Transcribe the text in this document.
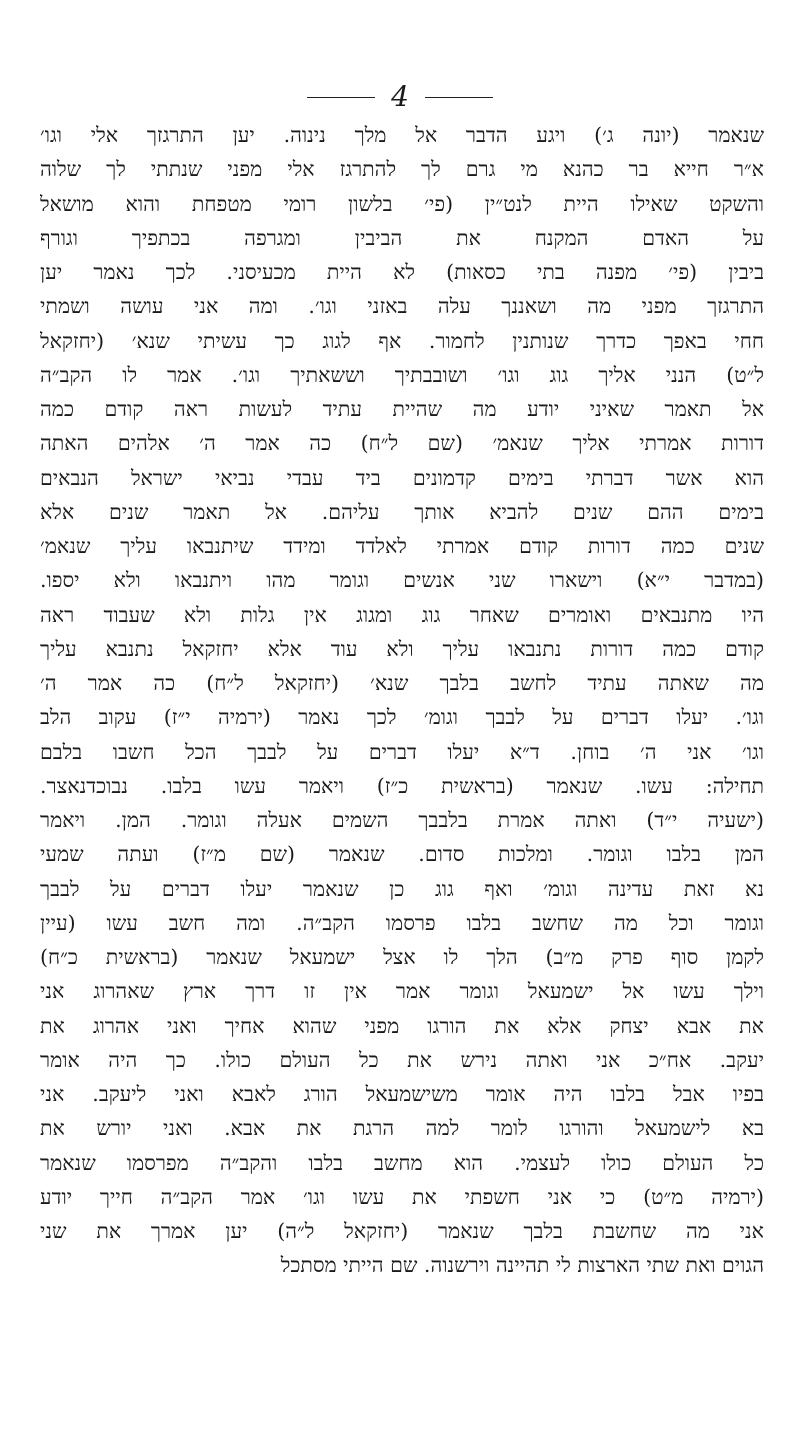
4
שנאמר (יונה ג׳) ויגע הדבר אל מלך נינוה. יען התרגזך אלי וגו׳
א״ר חייא בר כהנא מי גרם לך להתרגז אלי מפני שנתתי לך שלוה
והשקט שאילו היית לנט״ין (פי׳ בלשון רומי מטפחת והוא מושאל
על האדם המקנח את הביבין ומגרפה בכתפיך וגורף
ביבין (פי׳ מפנה בתי כסאות) לא היית מכעיסני. לכך נאמר יען
התרגזך מפני מה ושאננך עלה באזני וגו׳. ומה אני עושה ושמתי
חחי באפך כדרך שנותנין לחמור. אף לגוג כך עשיתי שנא׳ (יחזקאל
ל״ט) הנני אליך גוג וגו׳ ושובבתיך וששאתיך וגו׳. אמר לו הקב״ה
אל תאמר שאיני יודע מה שהיית עתיד לעשות ראה קודם כמה
דורות אמרתי אליך שנאמ׳ (שם ל״ח) כה אמר ה׳ אלהים האתה
הוא אשר דברתי בימים קדמונים ביד עבדי נביאי ישראל הנבאים
בימים ההם שנים להביא אותך עליהם. אל תאמר שנים אלא
שנים כמה דורות קודם אמרתי לאלדד ומידד שיתנבאו עליך שנאמ׳
(במדבר י״א) וישארו שני אנשים וגומר מהו ויתנבאו ולא יספו.
היו מתנבאים ואומרים שאחר גוג ומגוג אין גלות ולא שעבוד ראה
קודם כמה דורות נתנבאו עליך ולא עוד אלא יחזקאל נתנבא עליך
מה שאתה עתיד לחשב בלבך שנא׳ (יחזקאל ל״ח) כה אמר ה׳
וגו׳. יעלו דברים על לבבך וגומ׳ לכך נאמר (ירמיה י״ז) עקוב הלב
וגו׳ אני ה׳ בוחן. ד״א יעלו דברים על לבבך הכל חשבו בלבם
תחילה: עשו. שנאמר (בראשית כ״ז) ויאמר עשו בלבו. נבוכדנאצר.
(ישעיה י״ד) ואתה אמרת בלבבך השמים אעלה וגומר. המן. ויאמר
המן בלבו וגומר. ומלכות סדום. שנאמר (שם מ״ז) ועתה שמעי
נא זאת עדינה וגומ׳ ואף גוג כן שנאמר יעלו דברים על לבבך
וגומר וכל מה שחשב בלבו פרסמו הקב״ה. ומה חשב עשו (עיין
לקמן סוף פרק מ״ב) הלך לו אצל ישמעאל שנאמר (בראשית כ״ח)
וילך עשו אל ישמעאל וגומר אמר אין זו דרך ארץ שאהרוג אני
את אבא יצחק אלא את הורגו מפני שהוא אחיך ואני אהרוג את
יעקב. אח״כ אני ואתה נירש את כל העולם כולו. כך היה אומר
בפיו אבל בלבו היה אומר משישמעאל הורג לאבא ואני ליעקב. אני
בא לישמעאל והורגו לומר למה הרגת את אבא. ואני יורש את
כל העולם כולו לעצמי. הוא מחשב בלבו והקב״ה מפרסמו שנאמר
(ירמיה מ״ט) כי אני חשפתי את עשו וגו׳ אמר הקב״ה חייך יודע
אני מה שחשבת בלבך שנאמר (יחזקאל ל״ה) יען אמרך את שני
הגוים ואת שתי הארצות לי תהיינה וירשנוה. שם הייתי מסתכל
